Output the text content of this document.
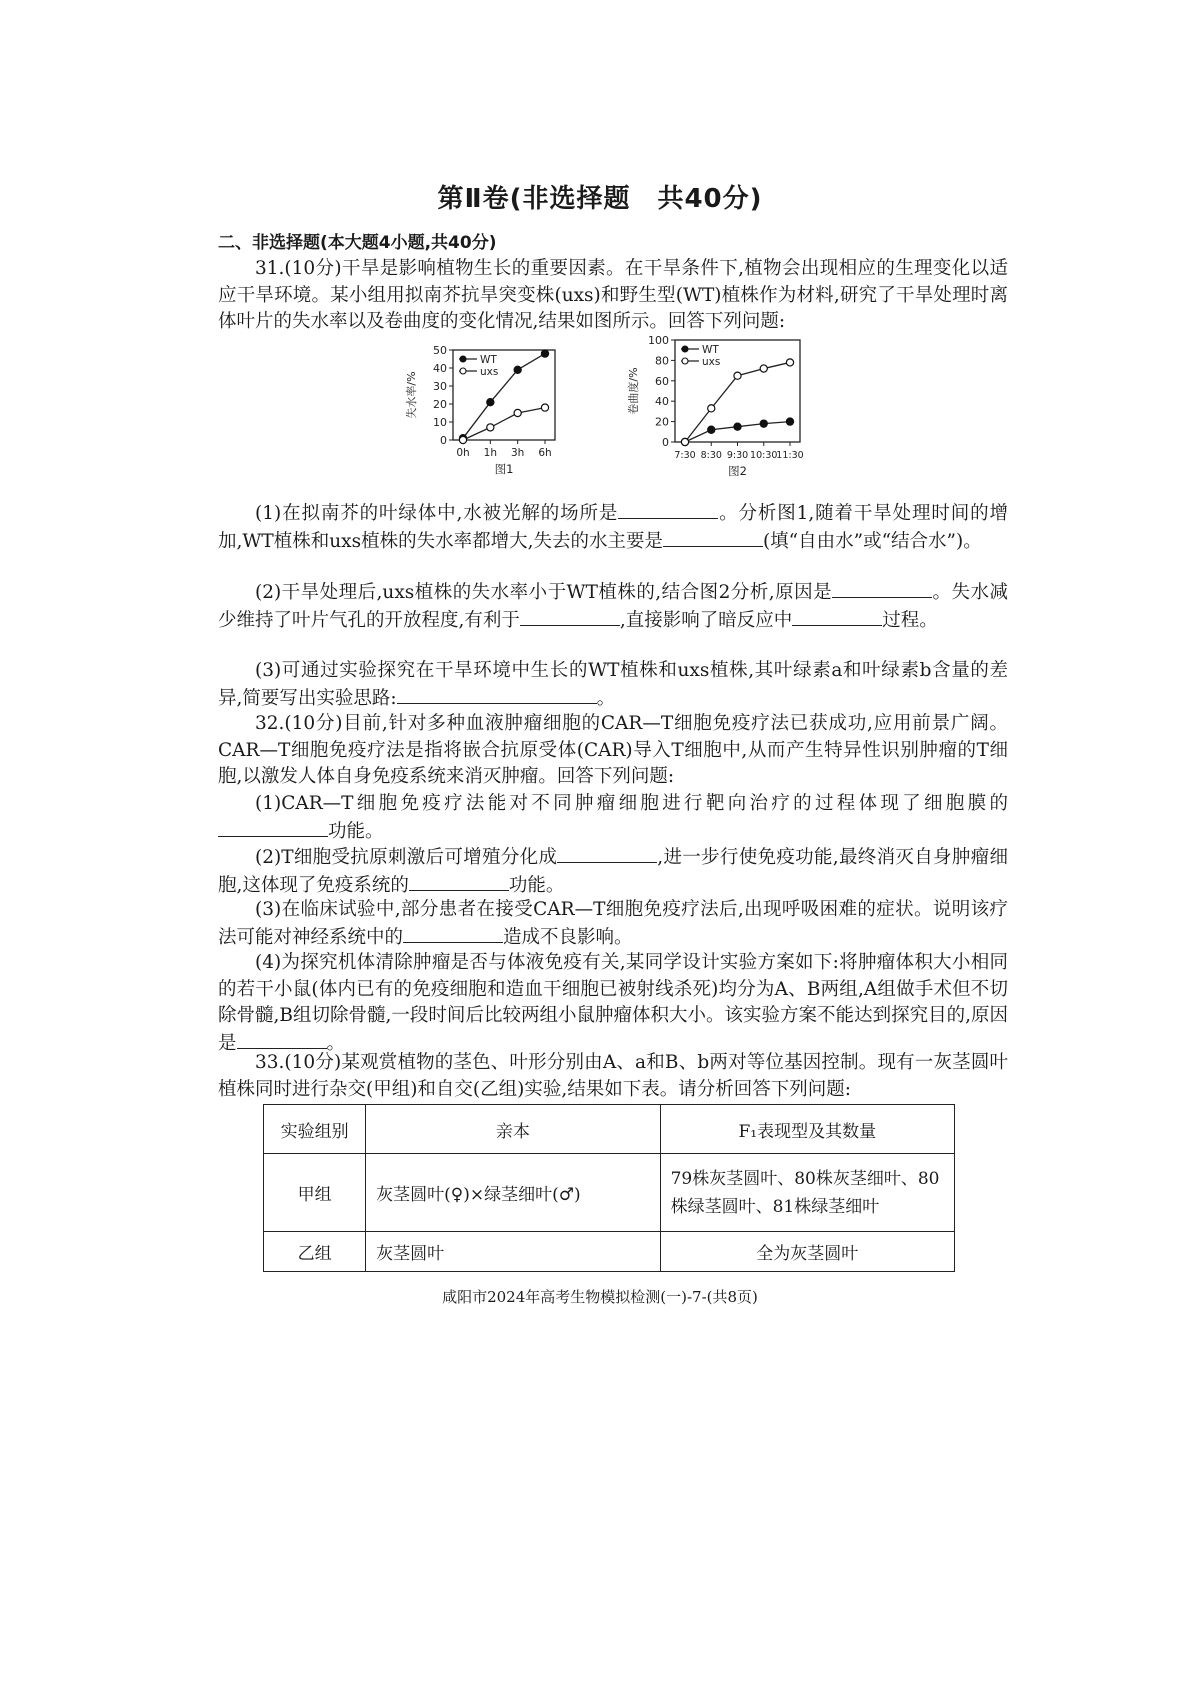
第Ⅱ卷(非选择题　共40分)
二、非选择题(本大题4小题,共40分)
31.(10分)干旱是影响植物生长的重要因素。在干旱条件下,植物会出现相应的生理变化以适应干旱环境。某小组用拟南芥抗旱突变株(uxs)和野生型(WT)植株作为材料,研究了干旱处理时离体叶片的失水率以及卷曲度的变化情况,结果如图所示。回答下列问题:
0
10
20
30
40
50
0h 1h 3h 6h
失水率/%
图1
WT
uxs
0
20
40
60
80
100
7:30 8:30 9:30 10:30
11:30
卷曲度/%
图2
WT
uxs
(1)在拟南芥的叶绿体中,水被光解的场所是	。分析图1,随着干旱处理时间的增加,WT植株和uxs植株的失水率都增大,失去的水主要是	(填“自由水”或“结合水”)。
(2)干旱处理后,uxs植株的失水率小于WT植株的,结合图2分析,原因是	。失水减少维持了叶片气孔的开放程度,有利于	,直接影响了暗反应中	过程。
(3)可通过实验探究在干旱环境中生长的WT植株和uxs植株,其叶绿素a和叶绿素b含量的差异,简要写出实验思路:	。
32.(10分)目前,针对多种血液肿瘤细胞的CAR—T细胞免疫疗法已获成功,应用前景广阔。CAR—T细胞免疫疗法是指将嵌合抗原受体(CAR)导入T细胞中,从而产生特异性识别肿瘤的T细胞,以激发人体自身免疫系统来消灭肿瘤。回答下列问题:
(1)CAR—T细胞免疫疗法能对不同肿瘤细胞进行靶向治疗的过程体现了细胞膜的功能。
(2)T细胞受抗原刺激后可增殖分化成	,进一步行使免疫功能,最终消灭自身肿瘤细胞,这体现了免疫系统的	功能。
(3)在临床试验中,部分患者在接受CAR—T细胞免疫疗法后,出现呼吸困难的症状。说明该疗法可能对神经系统中的	造成不良影响。
(4)为探究机体清除肿瘤是否与体液免疫有关,某同学设计实验方案如下:将肿瘤体积大小相同的若干小鼠(体内已有的免疫细胞和造血干细胞已被射线杀死)均分为A、B两组,A组做手术但不切除骨髓,B组切除骨髓,一段时间后比较两组小鼠肿瘤体积大小。该实验方案不能达到探究目的,原因是	。
33.(10分)某观赏植物的茎色、叶形分别由A、a和B、b两对等位基因控制。现有一灰茎圆叶植株同时进行杂交(甲组)和自交(乙组)实验,结果如下表。请分析回答下列问题:
实验组别	亲本	F₁表现型及其数量
甲组	灰茎圆叶(♀)×绿茎细叶(♂)	79株灰茎圆叶、80株灰茎细叶、80株绿茎圆叶、81株绿茎细叶
乙组	灰茎圆叶	全为灰茎圆叶
咸阳市2024年高考生物模拟检测(一)-7-(共8页)
